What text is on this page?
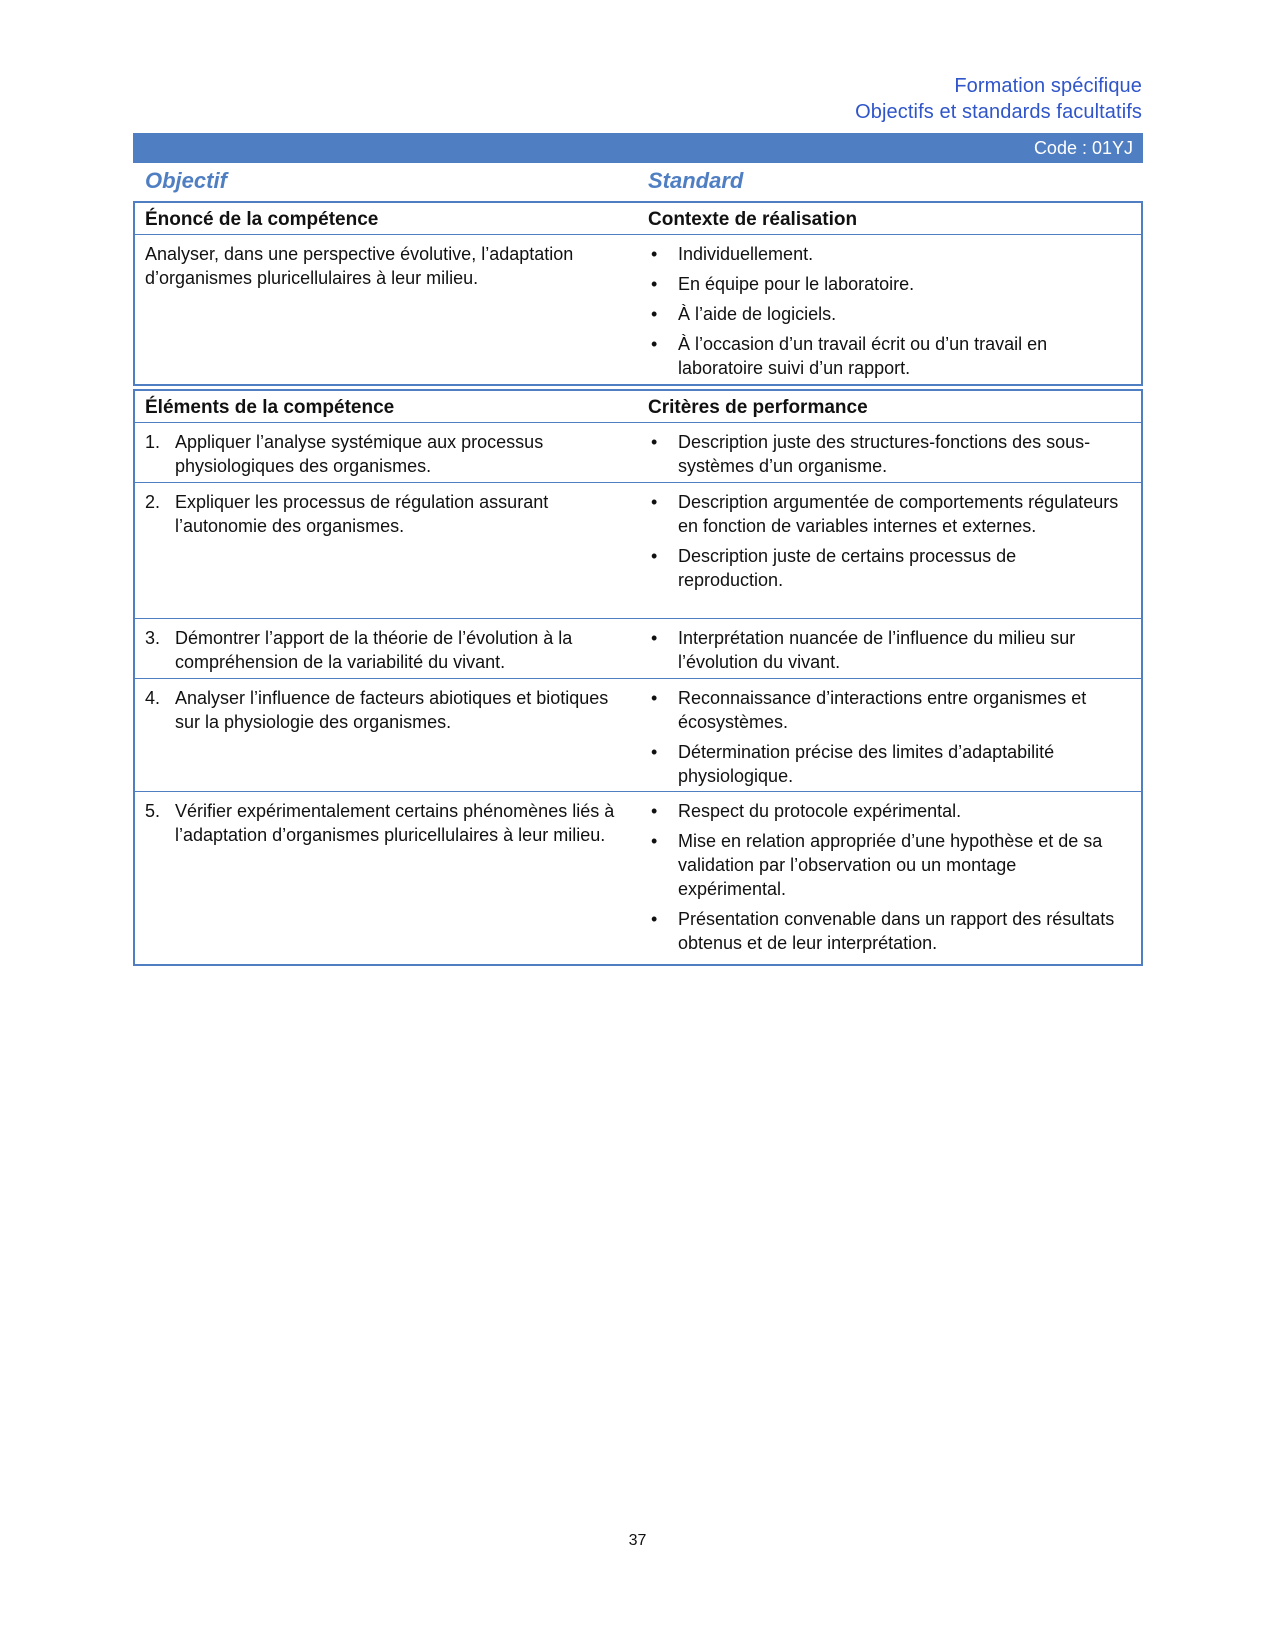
Formation spécifique
Objectifs et standards facultatifs
Code : 01YJ
Objectif	Standard
Énoncé de la compétence	Contexte de réalisation
Analyser, dans une perspective évolutive, l’adaptation d’organismes pluricellulaires à leur milieu.
• Individuellement.
• En équipe pour le laboratoire.
• À l’aide de logiciels.
• À l’occasion d’un travail écrit ou d’un travail en laboratoire suivi d’un rapport.
Éléments de la compétence	Critères de performance
1. Appliquer l’analyse systémique aux processus physiologiques des organismes.
• Description juste des structures-fonctions des sous-systèmes d’un organisme.
2. Expliquer les processus de régulation assurant l’autonomie des organismes.
• Description argumentée de comportements régulateurs en fonction de variables internes et externes.
• Description juste de certains processus de reproduction.
3. Démontrer l’apport de la théorie de l’évolution à la compréhension de la variabilité du vivant.
• Interprétation nuancée de l’influence du milieu sur l’évolution du vivant.
4. Analyser l’influence de facteurs abiotiques et biotiques sur la physiologie des organismes.
• Reconnaissance d’interactions entre organismes et écosystèmes.
• Détermination précise des limites d’adaptabilité physiologique.
5. Vérifier expérimentalement certains phénomènes liés à l’adaptation d’organismes pluricellulaires à leur milieu.
• Respect du protocole expérimental.
• Mise en relation appropriée d’une hypothèse et de sa validation par l’observation ou un montage expérimental.
• Présentation convenable dans un rapport des résultats obtenus et de leur interprétation.
37
